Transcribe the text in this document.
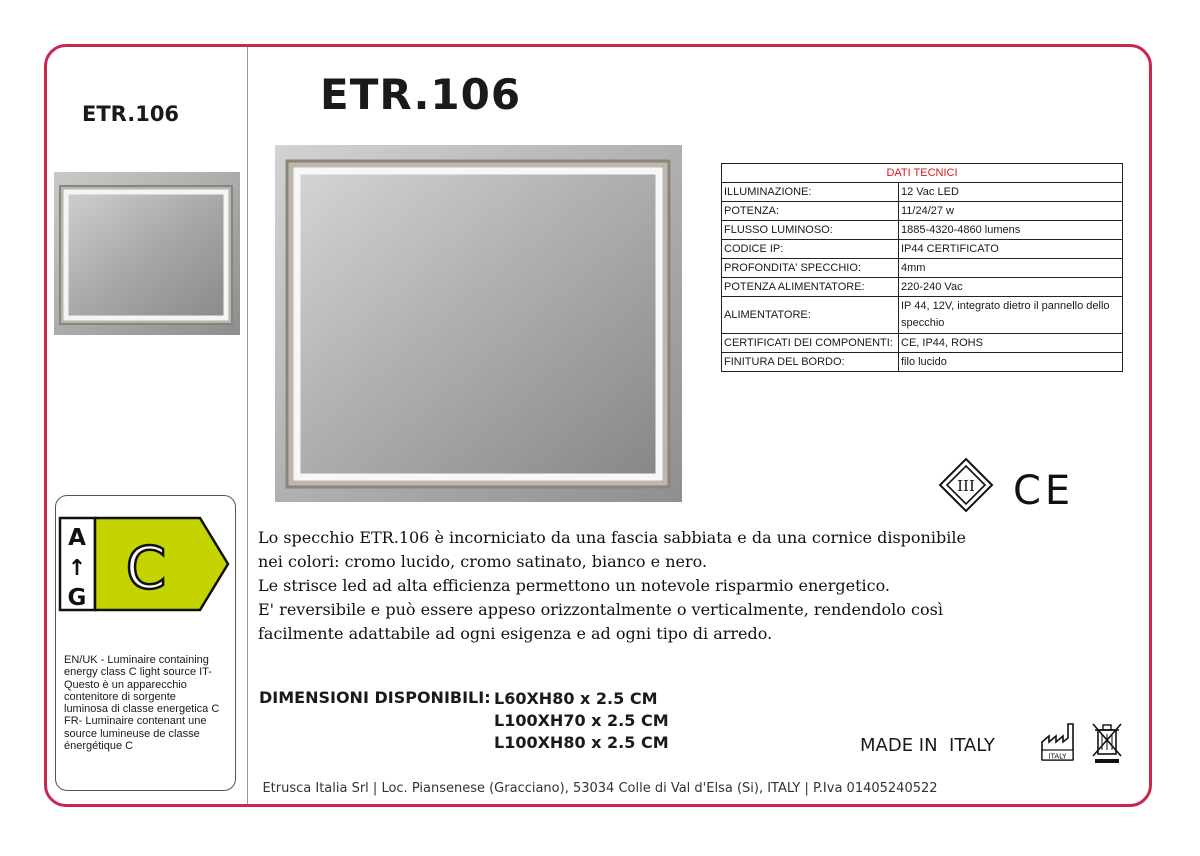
ETR.106	ETR.106
A
↑
G C
EN/UK - Luminaire containing
energy class C light source IT-
Questo è un apparecchio
contenitore di sorgente
luminosa di classe energetica C
FR- Luminaire contenant une
source lumineuse de classe
énergétique C
DATI TECNICI	
ILLUMINAZIONE:	12 Vac LED
POTENZA:	11/24/27 w
FLUSSO LUMINOSO:	1885-4320-4860 lumens
CODICE IP:	IP44 CERTIFICATO
PROFONDITA' SPECCHIO:	4mm
POTENZA ALIMENTATORE:	220-240 Vac
ALIMENTATORE:	IP 44, 12V, integrato dietro il pannello dello specchio
CERTIFICATI DEI COMPONENTI:	CE, IP44, ROHS
FINITURA DEL BORDO:	filo lucido
III CE
Lo specchio ETR.106 è incorniciato da una fascia sabbiata e da una cornice disponibile
nei colori: cromo lucido, cromo satinato, bianco e nero.
Le strisce led ad alta efficienza permettono un notevole risparmio energetico.
E' reversibile e può essere appeso orizzontalmente o verticalmente, rendendolo così
facilmente adattabile ad ogni esigenza e ad ogni tipo di arredo.
DIMENSIONI DISPONIBILI: L60XH80 x 2.5 CM
L100XH70 x 2.5 CM
L100XH80 x 2.5 CM	MADE IN  ITALY
ITALY
Etrusca Italia Srl | Loc. Piansenese (Gracciano), 53034 Colle di Val d'Elsa (Si), ITALY | P.Iva 01405240522
